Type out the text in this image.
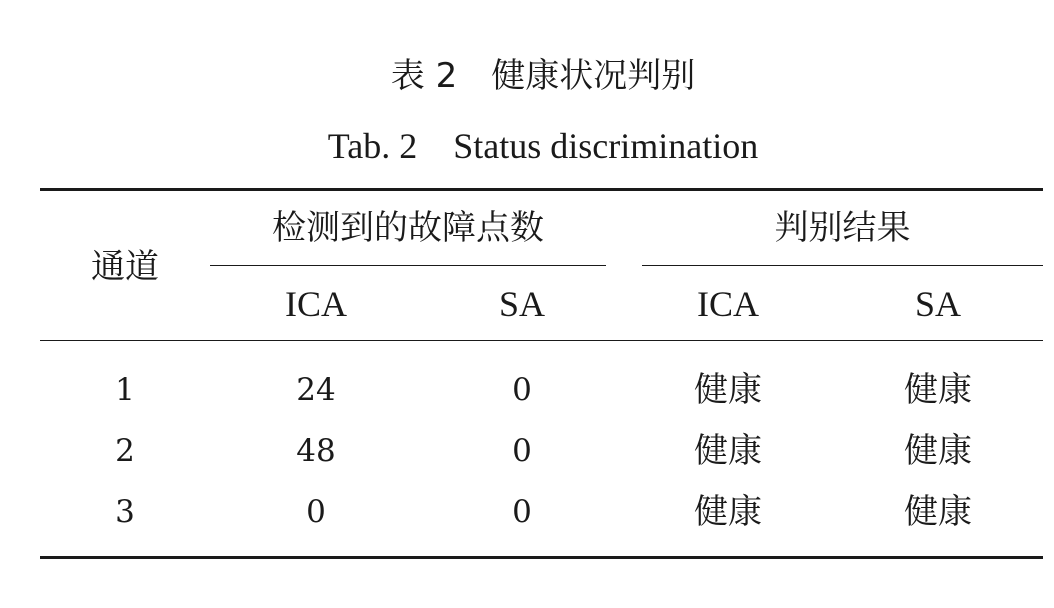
表 2　健康状况判别
Tab. 2　Status discrimination
通道
检测到的故障点数	判别结果
ICA	SA	ICA	SA
1	24	0	健康	健康
2	48	0	健康	健康
3	0	0	健康	健康
